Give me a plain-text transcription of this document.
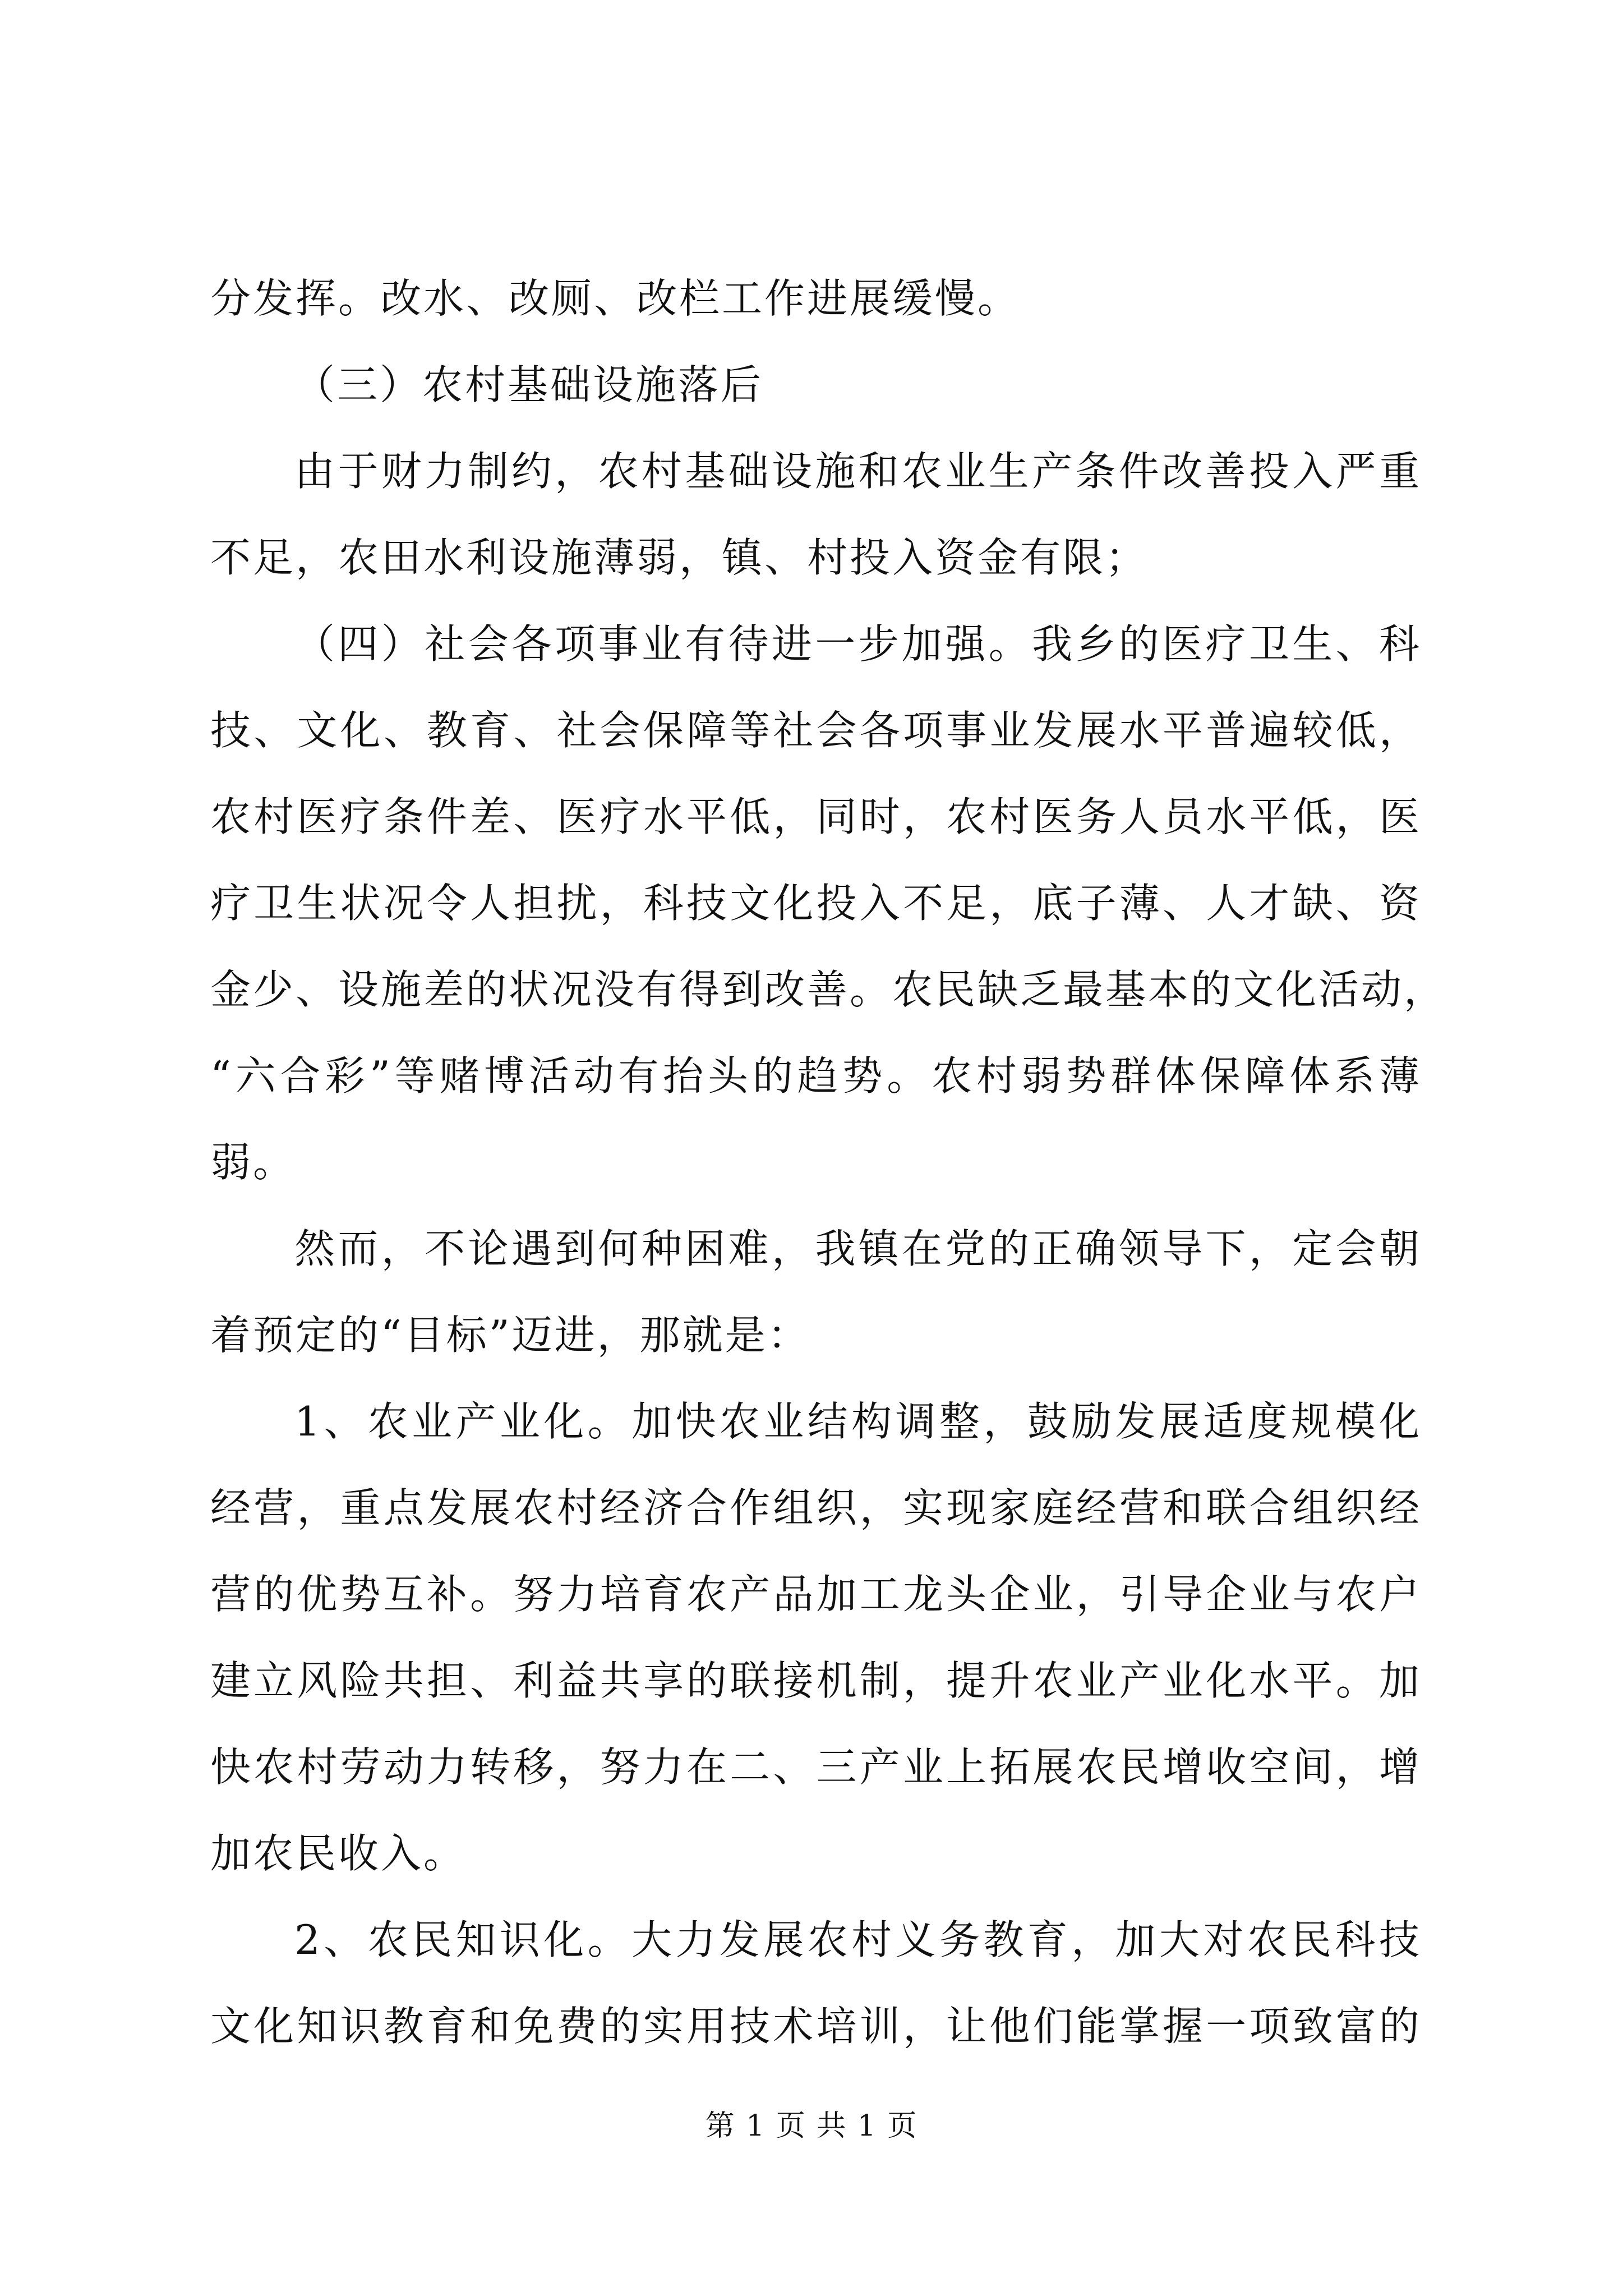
分发挥。改水、改厕、改栏工作进展缓慢。
（三）农村基础设施落后
由于财力制约，农村基础设施和农业生产条件改善投入严重
不足，农田水利设施薄弱，镇、村投入资金有限；
（四）社会各项事业有待进一步加强。我乡的医疗卫生、科
技、文化、教育、社会保障等社会各项事业发展水平普遍较低，
农村医疗条件差、医疗水平低，同时，农村医务人员水平低，医
疗卫生状况令人担扰，科技文化投入不足，底子薄、人才缺、资
金少、设施差的状况没有得到改善。农民缺乏最基本的文化活动，
“六合彩”等赌博活动有抬头的趋势。农村弱势群体保障体系薄
弱。
然而，不论遇到何种困难，我镇在党的正确领导下，定会朝
着预定的“目标”迈进，那就是：
1、农业产业化。加快农业结构调整，鼓励发展适度规模化
经营，重点发展农村经济合作组织，实现家庭经营和联合组织经
营的优势互补。努力培育农产品加工龙头企业，引导企业与农户
建立风险共担、利益共享的联接机制，提升农业产业化水平。加
快农村劳动力转移，努力在二、三产业上拓展农民增收空间，增
加农民收入。
2、农民知识化。大力发展农村义务教育，加大对农民科技
文化知识教育和免费的实用技术培训，让他们能掌握一项致富的
第 1 页 共 1 页
